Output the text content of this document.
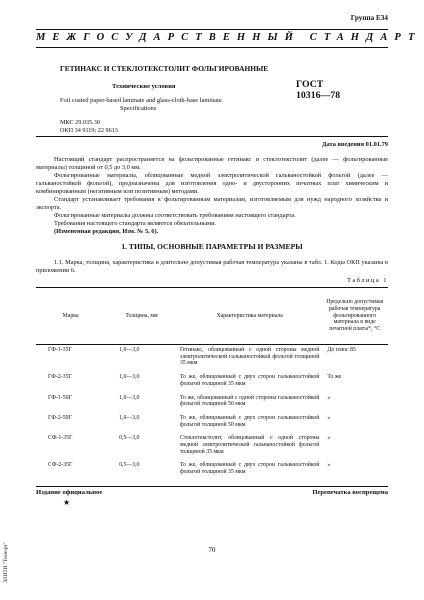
Группа Е34
МЕЖГОСУДАРСТВЕННЫЙ СТАНДАРТ
ГЕТИНАКС И СТЕКЛОТЕКСТОЛИТ ФОЛЬГИРОВАННЫЕ
ГОСТ
10316—78
Технические условия
Foil coated paper-based laminate and glass-cloth-base laminate.
Specifications
МКС 29.035.30
ОКП 34 9119; 22 9613
Дата введения 01.01.79
Настоящий стандарт распространяется на фольгированные гетинакс и стеклотекстолит (далее — фольгированные материалы) толщиной от 0,5 до 3,0 мм.
Фольгированные материалы, облицованные медной электролитической гальваностойкой фольгой (далее — гальваностойкой фольгой), предназначены для изготовления одно- и двусторонних печатных плат химическим и комбинированным (негативным или позитивным) методами.
Стандарт устанавливает требования к фольгированным материалам, изготовляемым для нужд народного хозяйства и экспорта.
Фольгированные материалы должны соответствовать требованиям настоящего стандарта.
Требования настоящего стандарта являются обязательными.
(Измененная редакция, Изм. № 5, 6).
1. ТИПЫ, ОСНОВНЫЕ ПАРАМЕТРЫ И РАЗМЕРЫ
1.1. Марка, толщина, характеристика и длительно допустимая рабочая температура указаны в табл. 1. Коды ОКП указаны в приложении 6.
Таблица 1
Марка	Толщина, мм	Характеристика материала	Предельно допустимая рабочая температура фольгированного материала в виде печатной платы*, °С
ГФ-1-35Г	1,0—3,0	Гетинакс, облицованный с одной стороны медной электролитической гальваностойкой фольгой толщиной 35 мкм	До плюс 85
ГФ-2-35Г	1,0—3,0	То же, облицованный с двух сторон гальваностойкой фольгой толщиной 35 мкм	То же
ГФ-1-50Г	1,0—3,0	То же, облицованный с одной стороны гальваностойкой фольгой толщиной 50 мкм	»
ГФ-2-50Г	1,0—3,0	То же, облицованный с двух сторон гальваностойкой фольгой толщиной 50 мкм	»
СФ-1-35Г	0,5—3,0	Стеклотекстолит, облицованный с одной стороны медной электролитической гальваностойкой фольгой толщиной 35 мкм	»
СФ-2-35Г	0,5—3,0	То же, облицованный с двух сторон гальваностойкой фольгой толщиной 35 мкм	»
Издание официальное
★
Перепечатка воспрещена
70
ЭЛИТИ "Технорт"
